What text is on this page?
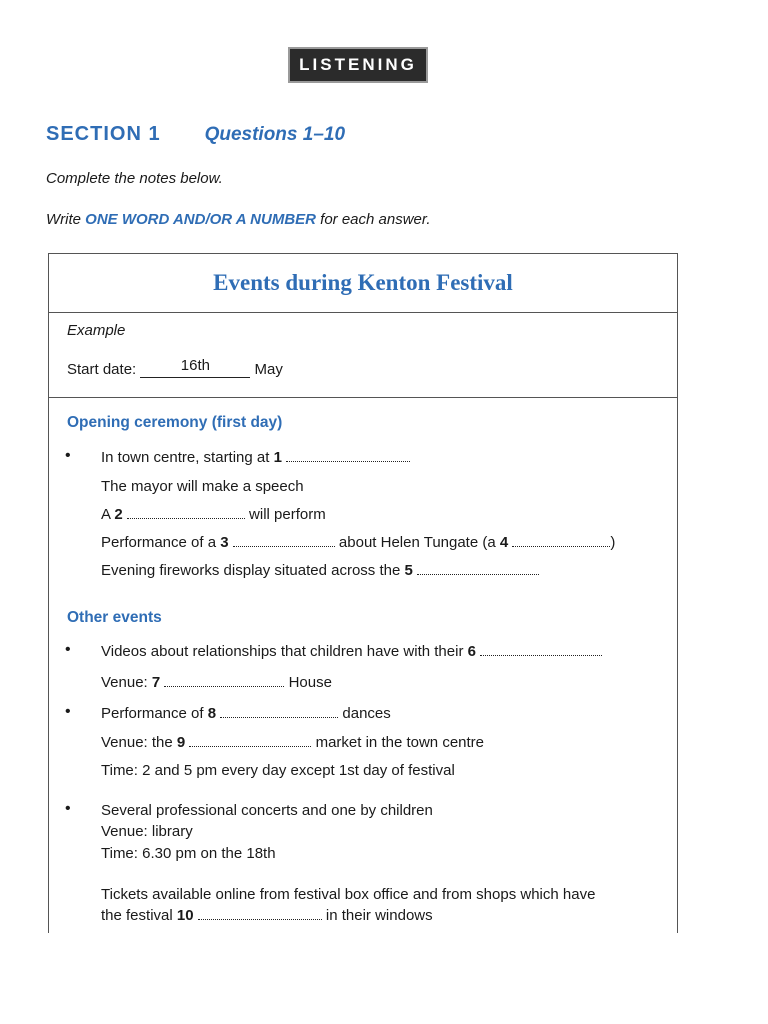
LISTENING
SECTION 1 Questions 1–10
Complete the notes below.
Write ONE WORD AND/OR A NUMBER for each answer.
Events during Kenton Festival
Example
Start date:	16th	May
Opening ceremony (first day)
• In town centre, starting at 1
The mayor will make a speech
A 2	will perform
Performance of a 3	about Helen Tungate (a 4	)
Evening fireworks display situated across the 5
Other events
• Videos about relationships that children have with their 6
Venue: 7	House
• Performance of 8	dances
Venue: the 9	market in the town centre
Time: 2 and 5 pm every day except 1st day of festival
• Several professional concerts and one by children
Venue: library
Time: 6.30 pm on the 18th
Tickets available online from festival box office and from shops which have
the festival 10	in their windows
